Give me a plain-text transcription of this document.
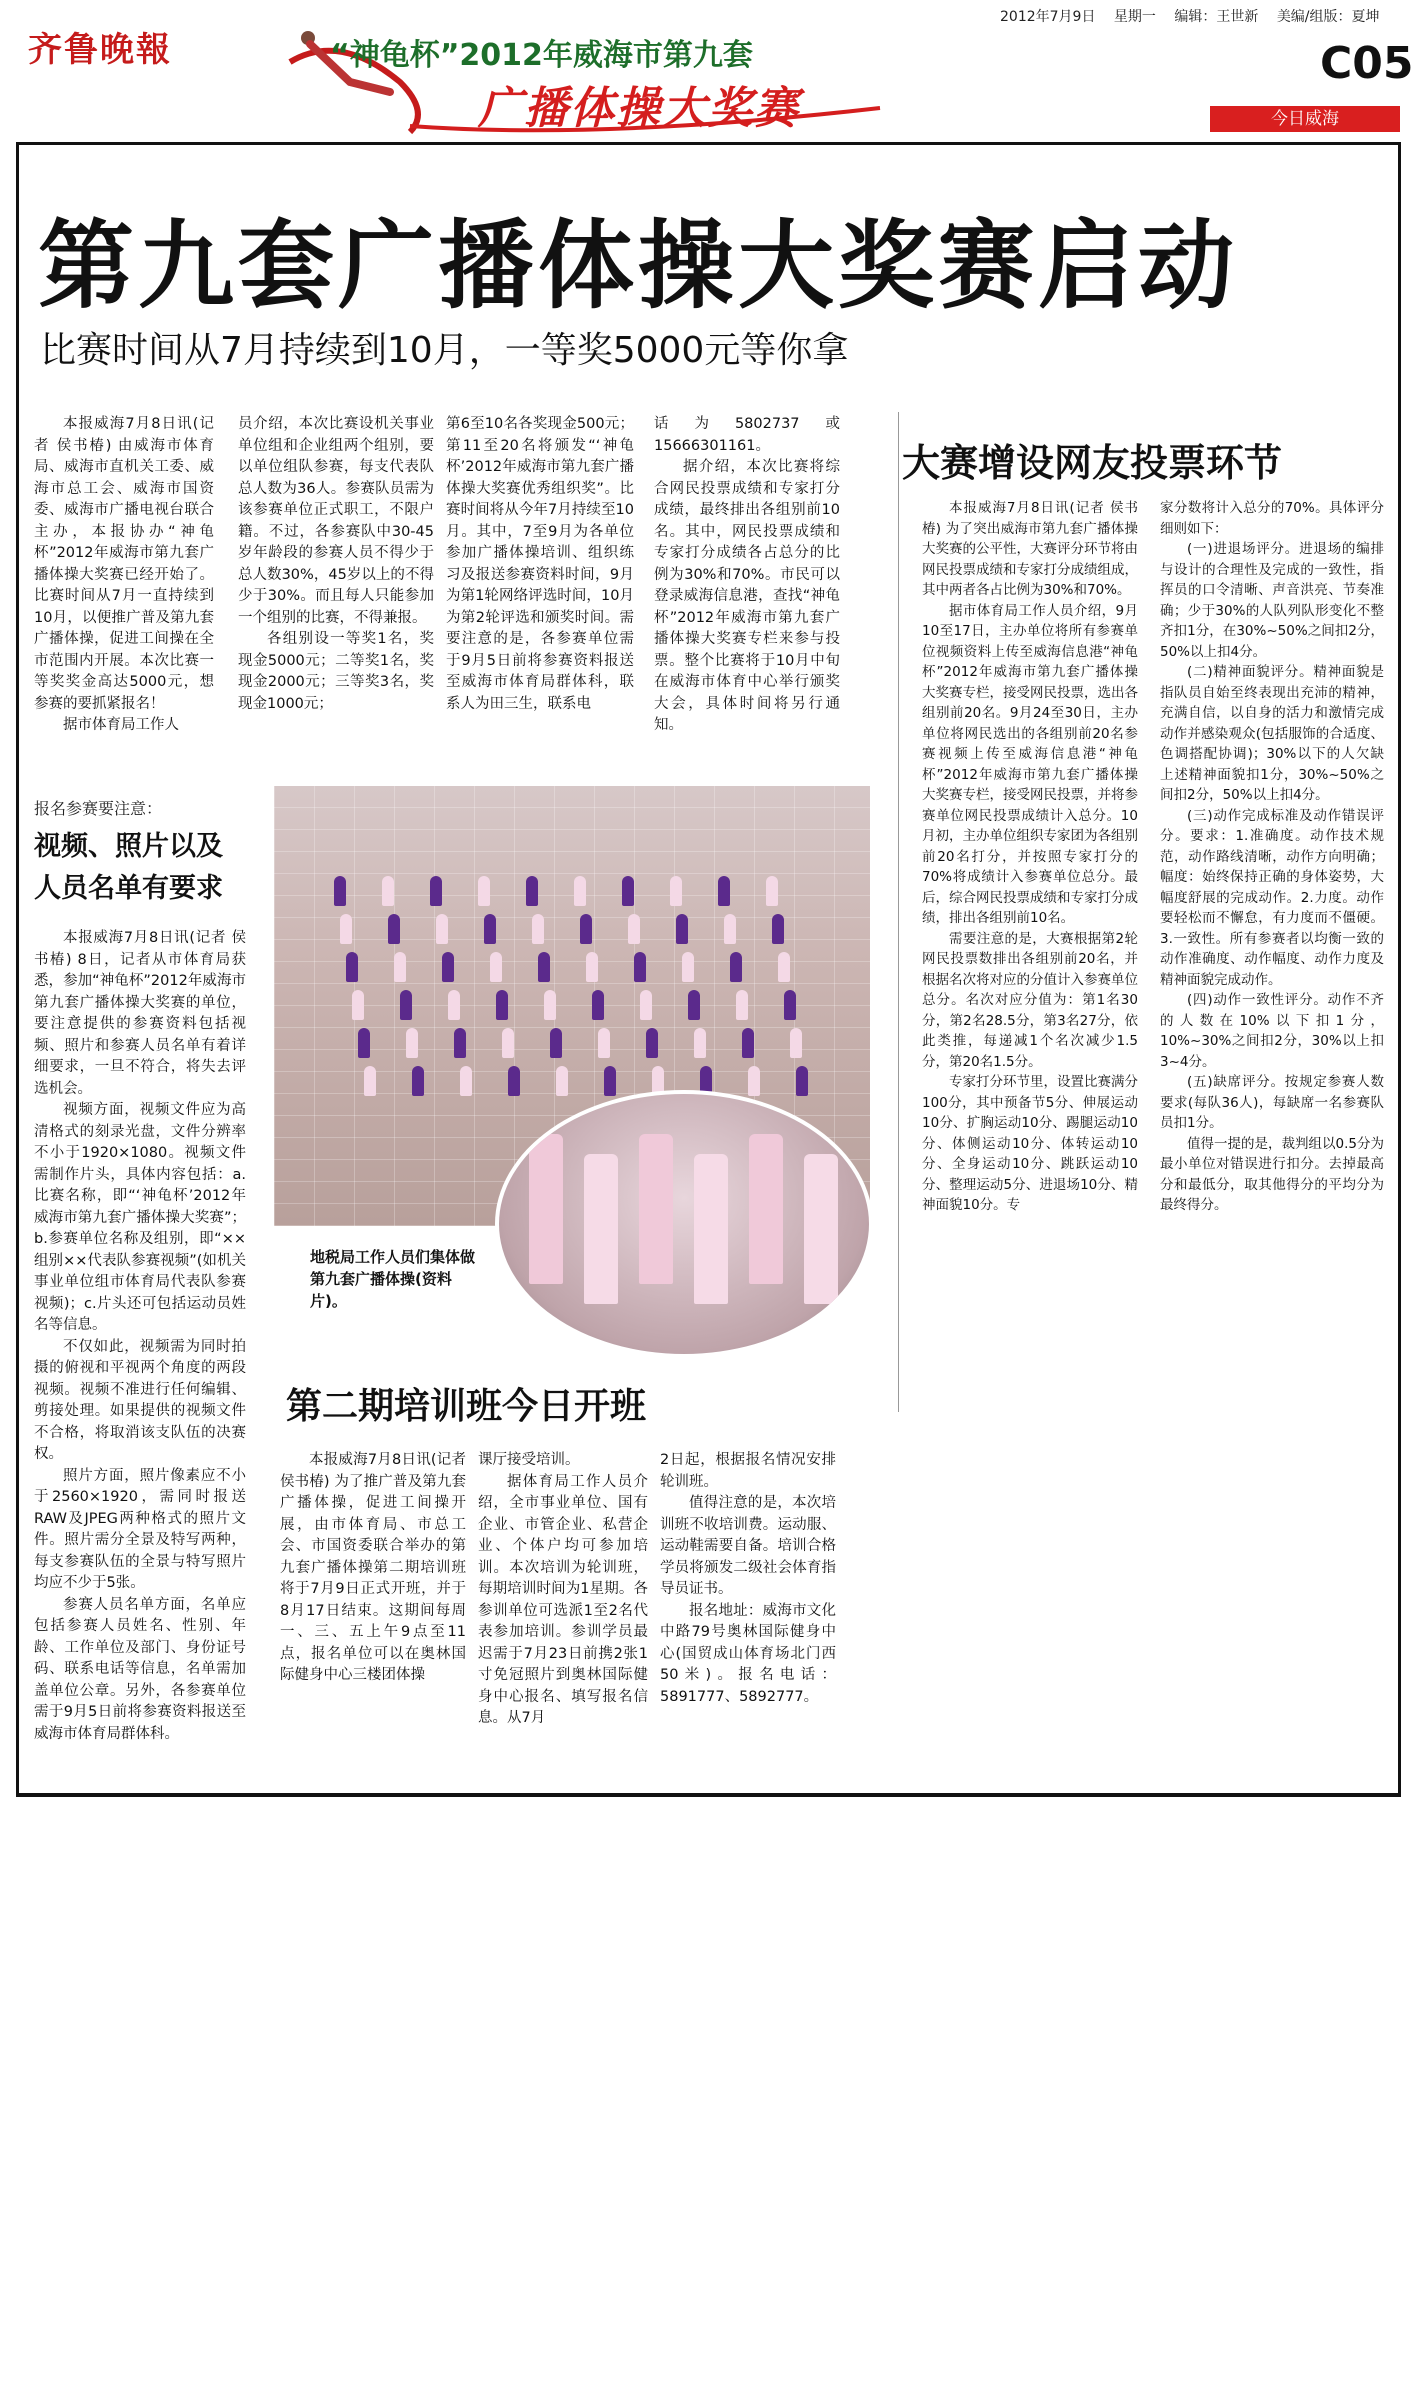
齐鲁晚報	“神龟杯”2012年威海市第九套
广播体操大奖赛
2012年7月9日 星期一 编辑：王世新 美编/组版：夏坤
C05
今日威海
第九套广播体操大奖赛启动
比赛时间从7月持续到10月，一等奖5000元等你拿

本报威海7月8日讯(记者 侯书椿) 由威海市体育局、威海市直机关工委、威海市总工会、威海市国资委、威海市广播电视台联合主办，本报协办“神龟杯”2012年威海市第九套广播体操大奖赛已经开始了。比赛时间从7月一直持续到10月，以便推广普及第九套广播体操，促进工间操在全市范围内开展。本次比赛一等奖奖金高达5000元，想参赛的要抓紧报名！

据市体育局工作人

员介绍，本次比赛设机关事业单位组和企业组两个组别，要以单位组队参赛，每支代表队总人数为36人。参赛队员需为该参赛单位正式职工，不限户籍。不过，各参赛队中30-45岁年龄段的参赛人员不得少于总人数30%，45岁以上的不得少于30%。而且每人只能参加一个组别的比赛，不得兼报。

各组别设一等奖1名，奖现金5000元；二等奖1名，奖现金2000元；三等奖3名，奖现金1000元；

第6至10名各奖现金500元；第11至20名将颁发“‘神龟杯’2012年威海市第九套广播体操大奖赛优秀组织奖”。比赛时间将从今年7月持续至10月。其中，7至9月为各单位参加广播体操培训、组织练习及报送参赛资料时间，9月为第1轮网络评选时间，10月为第2轮评选和颁奖时间。需要注意的是，各参赛单位需于9月5日前将参赛资料报送至威海市体育局群体科，联系人为田三生，联系电

话为5802737或15666301161。

据介绍，本次比赛将综合网民投票成绩和专家打分成绩，最终排出各组别前10名。其中，网民投票成绩和专家打分成绩各占总分的比例为30%和70%。市民可以登录威海信息港，查找“神龟杯”2012年威海市第九套广播体操大奖赛专栏来参与投票。整个比赛将于10月中旬在威海市体育中心举行颁奖大会，具体时间将另行通知。

大赛增设网友投票环节

本报威海7月8日讯(记者 侯书椿) 为了突出威海市第九套广播体操大奖赛的公平性，大赛评分环节将由网民投票成绩和专家打分成绩组成，其中两者各占比例为30%和70%。

据市体育局工作人员介绍，9月10至17日，主办单位将所有参赛单位视频资料上传至威海信息港“神龟杯”2012年威海市第九套广播体操大奖赛专栏，接受网民投票，选出各组别前20名。9月24至30日，主办单位将网民选出的各组别前20名参赛视频上传至威海信息港“神龟杯”2012年威海市第九套广播体操大奖赛专栏，接受网民投票，并将参赛单位网民投票成绩计入总分。10月初，主办单位组织专家团为各组别前20名打分，并按照专家打分的70%将成绩计入参赛单位总分。最后，综合网民投票成绩和专家打分成绩，排出各组别前10名。

需要注意的是，大赛根据第2轮网民投票数排出各组别前20名，并根据名次将对应的分值计入参赛单位总分。名次对应分值为：第1名30分，第2名28.5分，第3名27分，依此类推，每递减1个名次减少1.5分，第20名1.5分。

专家打分环节里，设置比赛满分100分，其中预备节5分、伸展运动10分、扩胸运动10分、踢腿运动10分、体侧运动10分、体转运动10分、全身运动10分、跳跃运动10分、整理运动5分、进退场10分、精神面貌10分。专

家分数将计入总分的70%。具体评分细则如下：

(一)进退场评分。进退场的编排与设计的合理性及完成的一致性，指挥员的口令清晰、声音洪亮、节奏准确；少于30%的人队列队形变化不整齐扣1分，在30%~50%之间扣2分，50%以上扣4分。

(二)精神面貌评分。精神面貌是指队员自始至终表现出充沛的精神，充满自信，以自身的活力和激情完成动作并感染观众(包括服饰的合适度、色调搭配协调)；30%以下的人欠缺上述精神面貌扣1分，30%~50%之间扣2分，50%以上扣4分。

(三)动作完成标准及动作错误评分。要求：1.准确度。动作技术规范，动作路线清晰，动作方向明确；幅度：始终保持正确的身体姿势，大幅度舒展的完成动作。2.力度。动作要轻松而不懈怠，有力度而不僵硬。3.一致性。所有参赛者以均衡一致的动作准确度、动作幅度、动作力度及精神面貌完成动作。

(四)动作一致性评分。动作不齐的人数在10%以下扣1分，10%~30%之间扣2分，30%以上扣3~4分。

(五)缺席评分。按规定参赛人数要求(每队36人)，每缺席一名参赛队员扣1分。

值得一提的是，裁判组以0.5分为最小单位对错误进行扣分。去掉最高分和最低分，取其他得分的平均分为最终得分。

报名参赛要注意：
视频、照片以及
人员名单有要求

本报威海7月8日讯(记者 侯书椿) 8日，记者从市体育局获悉，参加“神龟杯”2012年威海市第九套广播体操大奖赛的单位，要注意提供的参赛资料包括视频、照片和参赛人员名单有着详细要求，一旦不符合，将失去评选机会。

视频方面，视频文件应为高清格式的刻录光盘，文件分辨率不小于1920×1080。视频文件需制作片头，具体内容包括：a.比赛名称，即“‘神龟杯’2012年威海市第九套广播体操大奖赛”；b.参赛单位名称及组别，即“××组别××代表队参赛视频”(如机关事业单位组市体育局代表队参赛视频)；c.片头还可包括运动员姓名等信息。

不仅如此，视频需为同时拍摄的俯视和平视两个角度的两段视频。视频不准进行任何编辑、剪接处理。如果提供的视频文件不合格，将取消该支队伍的决赛权。

照片方面，照片像素应不小于2560×1920，需同时报送RAW及JPEG两种格式的照片文件。照片需分全景及特写两种，每支参赛队伍的全景与特写照片均应不少于5张。

参赛人员名单方面，名单应包括参赛人员姓名、性别、年龄、工作单位及部门、身份证号码、联系电话等信息，名单需加盖单位公章。另外，各参赛单位需于9月5日前将参赛资料报送至威海市体育局群体科。

地税局工作人员们集体做第九套广播体操(资料片)。
第二期培训班今日开班

本报威海7月8日讯(记者 侯书椿) 为了推广普及第九套广播体操，促进工间操开展，由市体育局、市总工会、市国资委联合举办的第九套广播体操第二期培训班将于7月9日正式开班，并于8月17日结束。这期间每周一、三、五上午9点至11点，报名单位可以在奥林国际健身中心三楼团体操

课厅接受培训。

据体育局工作人员介绍，全市事业单位、国有企业、市管企业、私营企业、个体户均可参加培训。本次培训为轮训班，每期培训时间为1星期。各参训单位可选派1至2名代表参加培训。参训学员最迟需于7月23日前携2张1寸免冠照片到奥林国际健身中心报名、填写报名信息。从7月

2日起，根据报名情况安排轮训班。

值得注意的是，本次培训班不收培训费。运动服、运动鞋需要自备。培训合格学员将颁发二级社会体育指导员证书。

报名地址：威海市文化中路79号奥林国际健身中心(国贸成山体育场北门西50米)。报名电话：5891777、5892777。
